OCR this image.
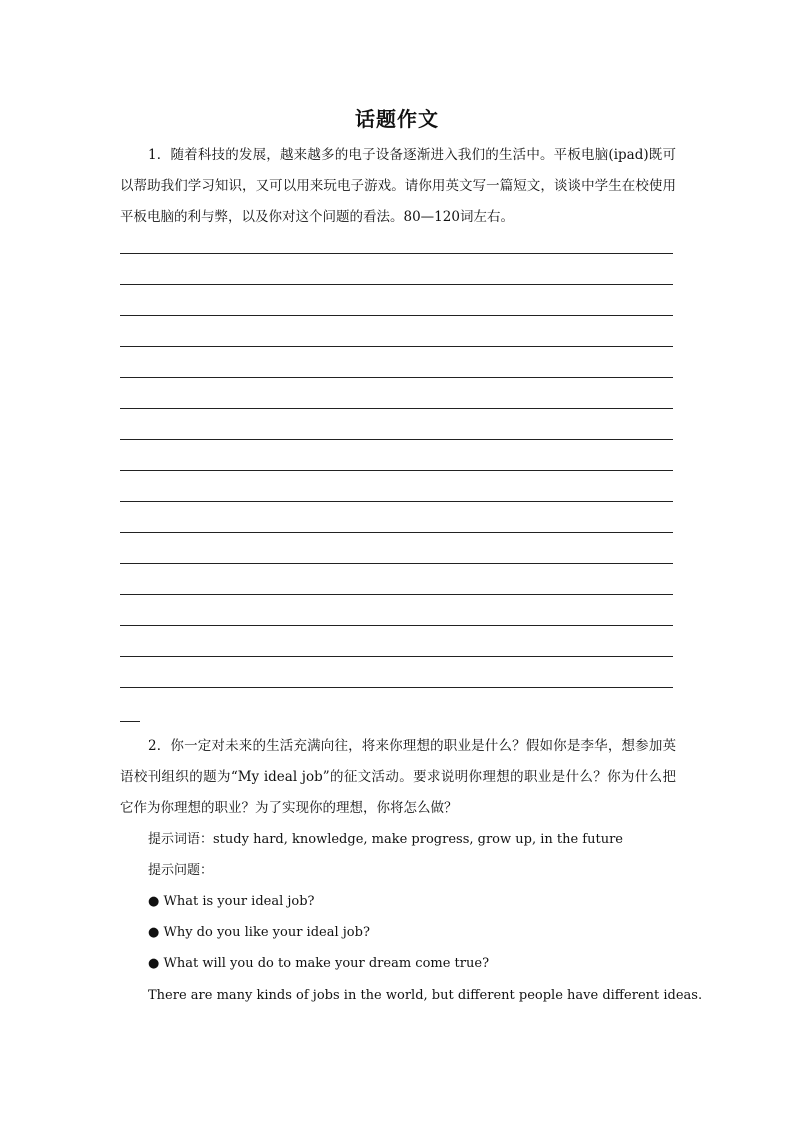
话题作文
1．随着科技的发展，越来越多的电子设备逐渐进入我们的生活中。平板电脑(ipad)既可以帮助我们学习知识，又可以用来玩电子游戏。请你用英文写一篇短文，谈谈中学生在校使用平板电脑的利与弊，以及你对这个问题的看法。80—120词左右。
2．你一定对未来的生活充满向往，将来你理想的职业是什么？假如你是李华，想参加英语校刊组织的题为“My ideal job”的征文活动。要求说明你理想的职业是什么？你为什么把它作为你理想的职业？为了实现你的理想，你将怎么做？
提示词语：study hard, knowledge, make progress, grow up, in the future
提示问题：
● What is your ideal job?
● Why do you like your ideal job?
● What will you do to make your dream come true?
There are many kinds of jobs in the world, but different people have different ideas.
